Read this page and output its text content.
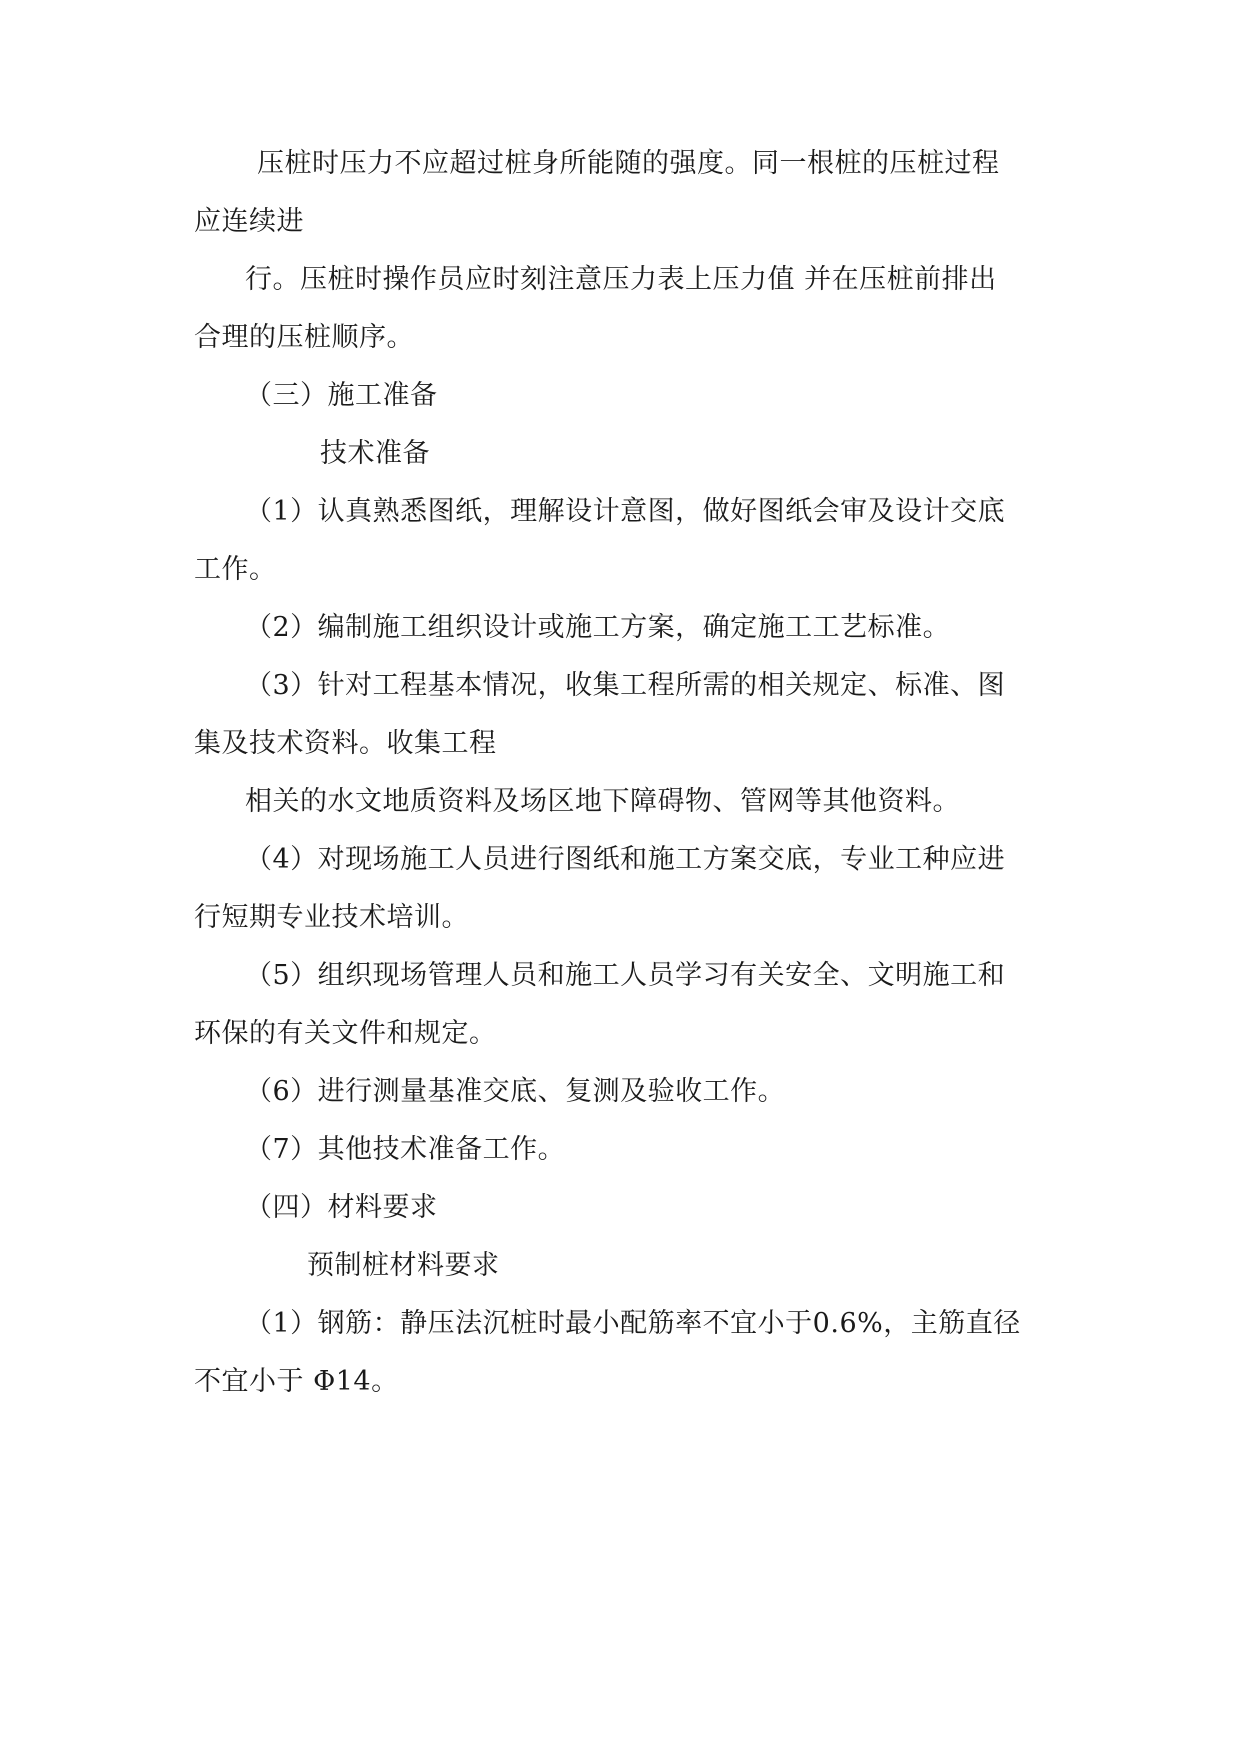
压桩时压力不应超过桩身所能随的强度。同一根桩的压桩过程
应连续进
行。压桩时操作员应时刻注意压力表上压力值 并在压桩前排出
合理的压桩顺序。
（三）施工准备
技术准备
（1）认真熟悉图纸，理解设计意图，做好图纸会审及设计交底
工作。
（2）编制施工组织设计或施工方案，确定施工工艺标准。
（3）针对工程基本情况，收集工程所需的相关规定、标准、图
集及技术资料。收集工程
相关的水文地质资料及场区地下障碍物、管网等其他资料。
（4）对现场施工人员进行图纸和施工方案交底，专业工种应进
行短期专业技术培训。
（5）组织现场管理人员和施工人员学习有关安全、文明施工和
环保的有关文件和规定。
（6）进行测量基准交底、复测及验收工作。
（7）其他技术准备工作。
（四）材料要求
预制桩材料要求
（1）钢筋：静压法沉桩时最小配筋率不宜小于0.6%，主筋直径
不宜小于 Φ14。
